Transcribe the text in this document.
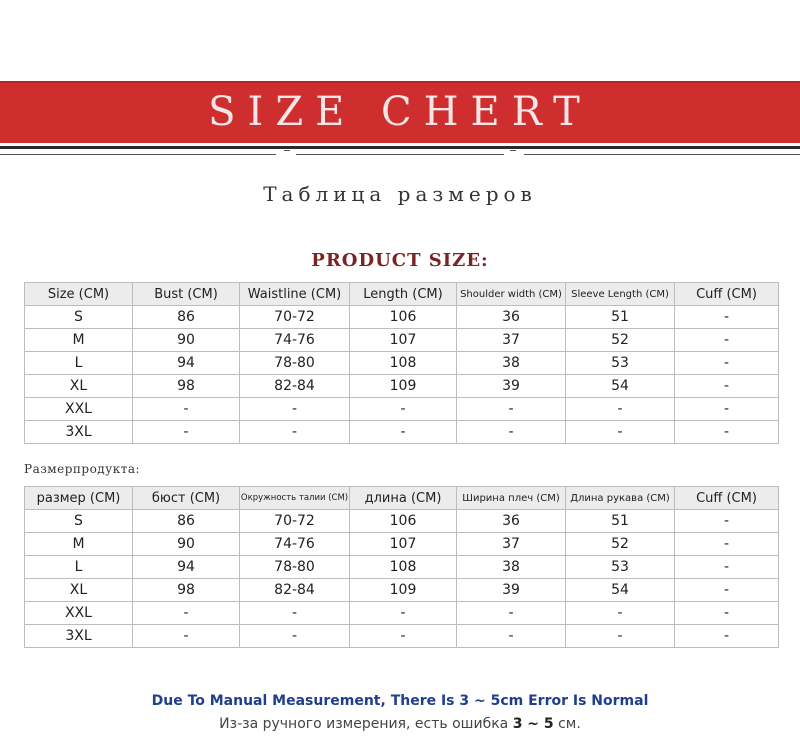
SIZE CHERT
Таблица размеров
PRODUCT SIZE:
Size (CM)	Bust (CM)	Waistline (CM)	Length (CM)	Shoulder width (CM)	Sleeve Length (CM)	Cuff (CM)
S	86	70-72	106	36	51	-
M	90	74-76	107	37	52	-
L	94	78-80	108	38	53	-
XL	98	82-84	109	39	54	-
XXL	-	-	-	-	-	-
3XL	-	-	-	-	-	-
Размерпродукта:
размер (CM)	бюст (CM)	Окружность талии (CM)	длина (CM)	Ширина плеч (CM)	Длина рукава (CM)	Cuff (CM)
S	86	70-72	106	36	51	-
M	90	74-76	107	37	52	-
L	94	78-80	108	38	53	-
XL	98	82-84	109	39	54	-
XXL	-	-	-	-	-	-
3XL	-	-	-	-	-	-
Due To Manual Measurement, There Is 3 ~ 5cm Error Is Normal
Из-за ручного измерения, есть ошибка 3 ~ 5 см.
